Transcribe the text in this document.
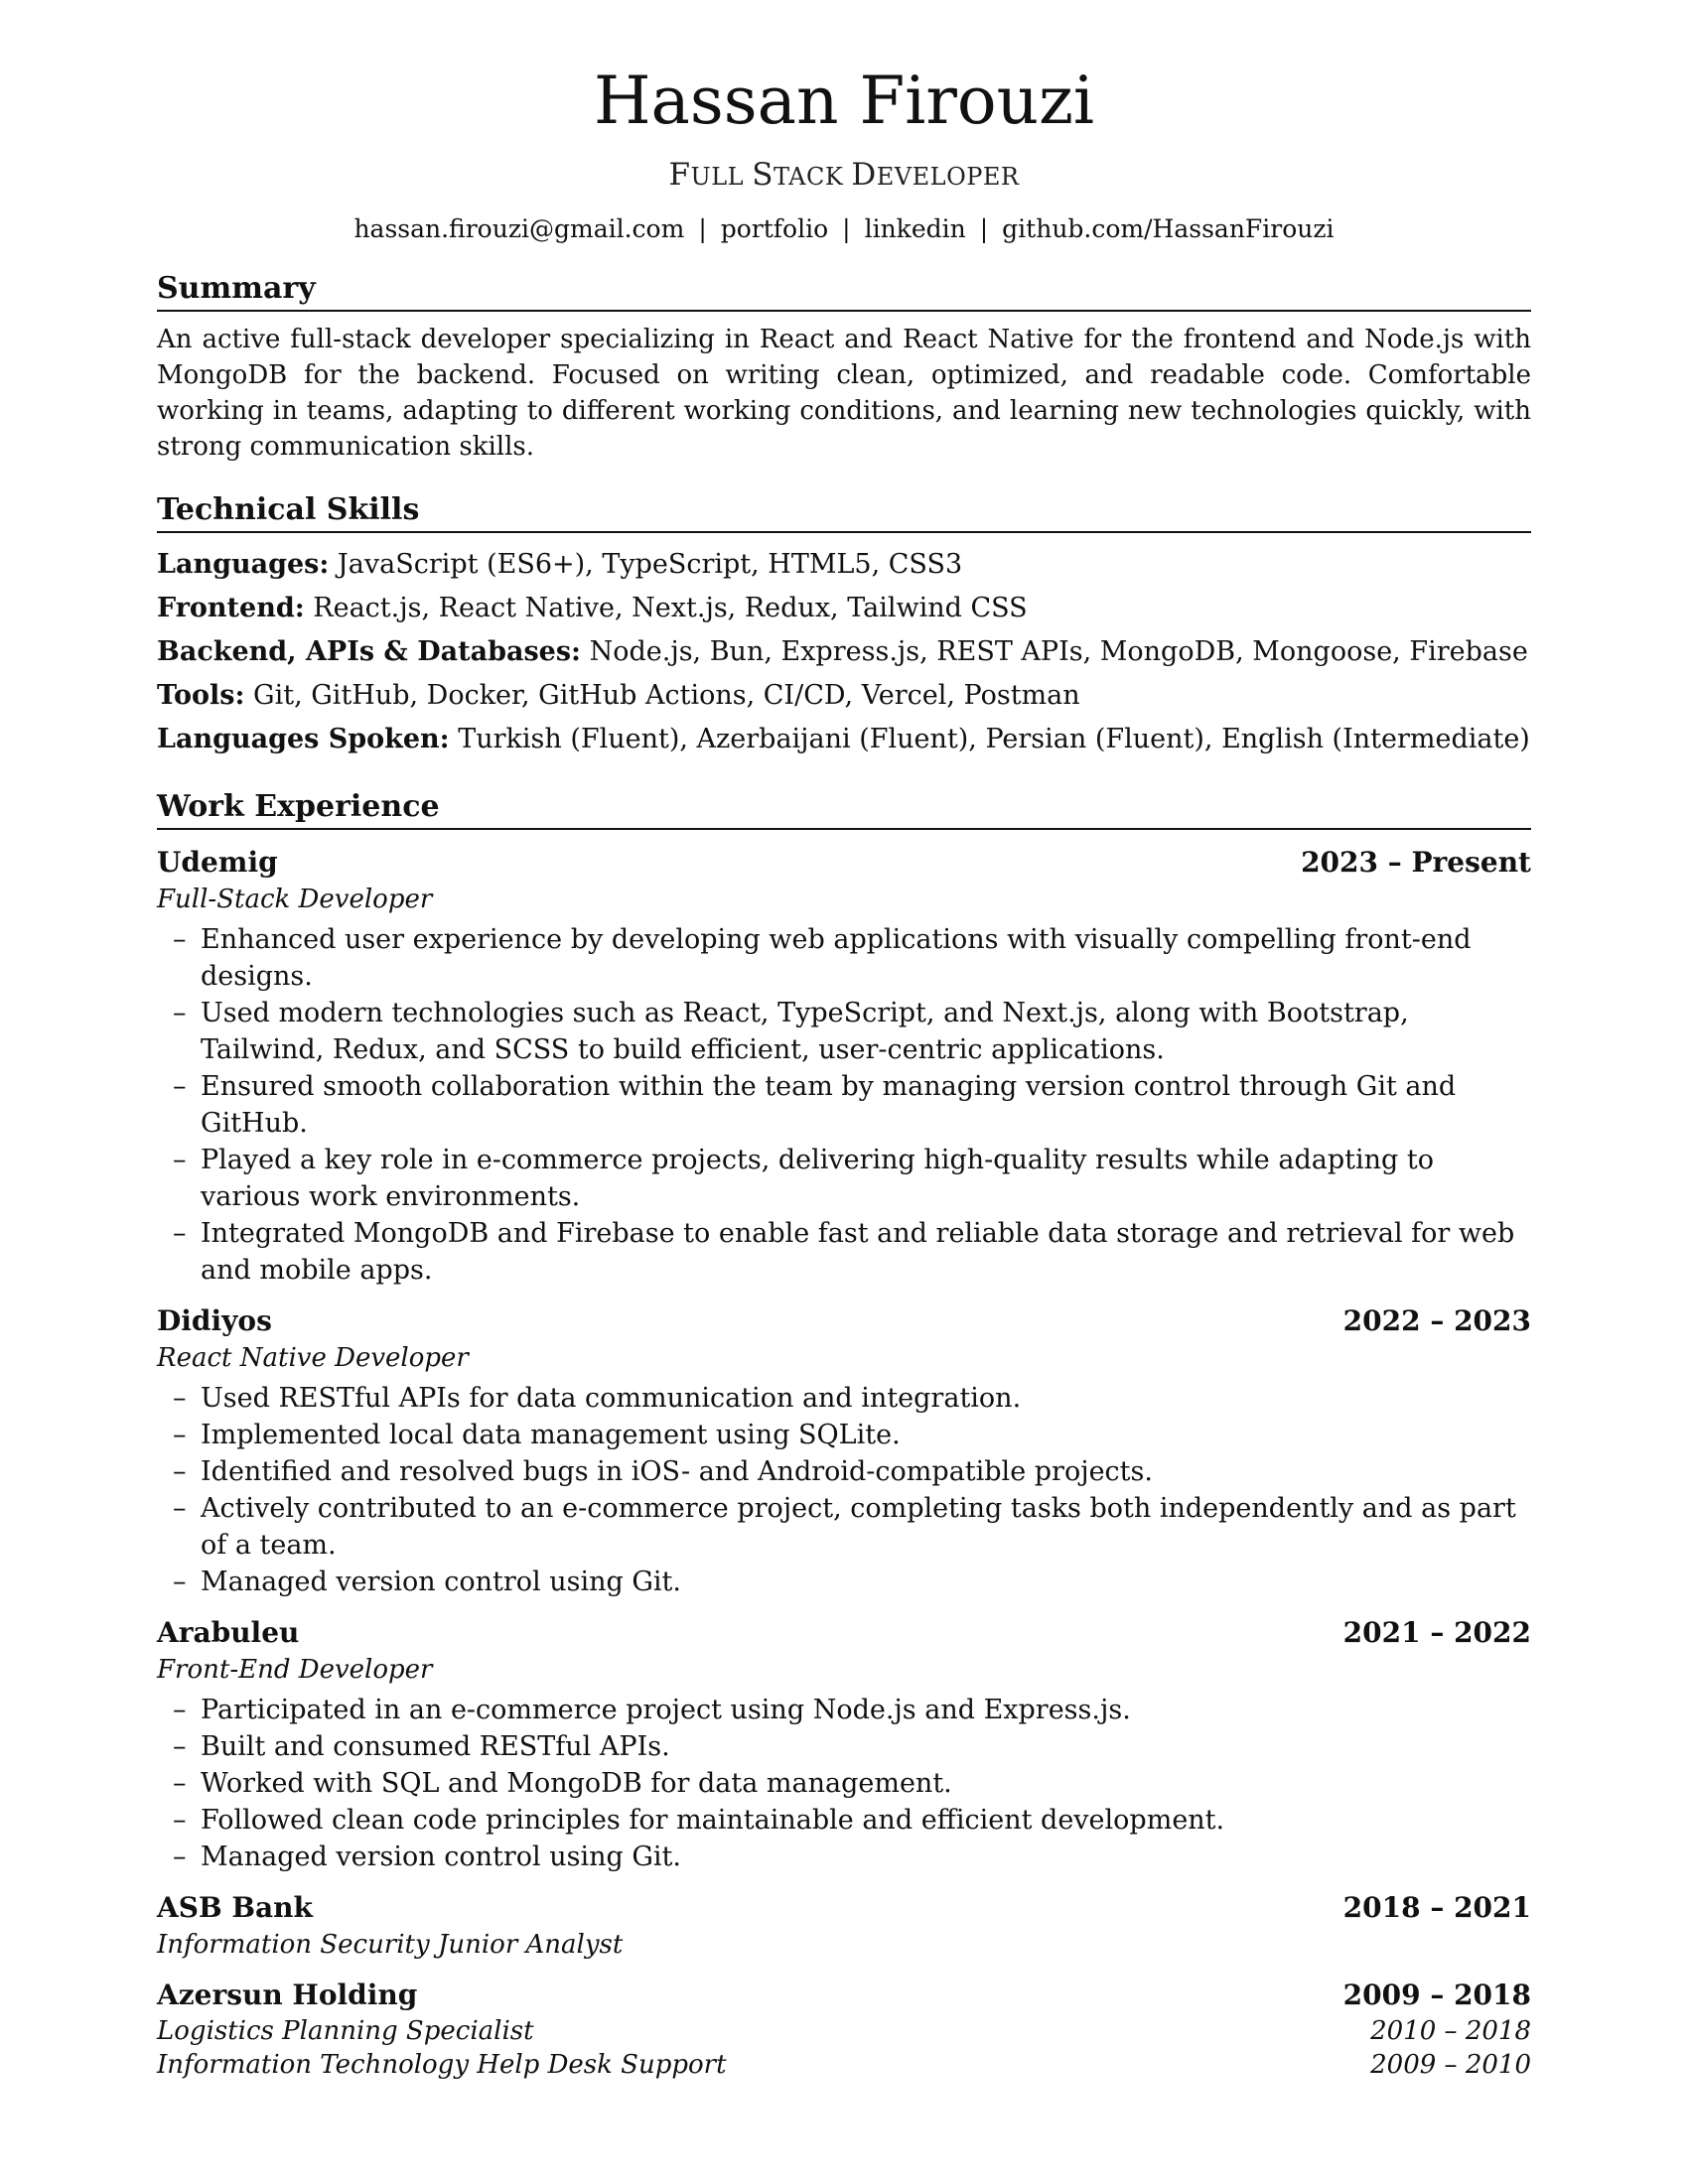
Hassan Firouzi
FULL STACK DEVELOPER
hassan.firouzi@gmail.com | portfolio | linkedin | github.com/HassanFirouzi
Summary
An active full-stack developer specializing in React and React Native for the frontend and Node.js with MongoDB for the backend. Focused on writing clean, optimized, and readable code. Comfortable working in teams, adapting to different working conditions, and learning new technologies quickly, with strong communication skills.
Technical Skills
Languages: JavaScript (ES6+), TypeScript, HTML5, CSS3
Frontend: React.js, React Native, Next.js, Redux, Tailwind CSS
Backend, APIs & Databases: Node.js, Bun, Express.js, REST APIs, MongoDB, Mongoose, Firebase
Tools: Git, GitHub, Docker, GitHub Actions, CI/CD, Vercel, Postman
Languages Spoken: Turkish (Fluent), Azerbaijani (Fluent), Persian (Fluent), English (Intermediate)
Work Experience
Udemig	2023 – Present
Full-Stack Developer
– Enhanced user experience by developing web applications with visually compelling front-end designs.
– Used modern technologies such as React, TypeScript, and Next.js, along with Bootstrap, Tailwind, Redux, and SCSS to build efficient, user-centric applications.
– Ensured smooth collaboration within the team by managing version control through Git and GitHub.
– Played a key role in e-commerce projects, delivering high-quality results while adapting to various work environments.
– Integrated MongoDB and Firebase to enable fast and reliable data storage and retrieval for web and mobile apps.
Didiyos	2022 – 2023
React Native Developer
– Used RESTful APIs for data communication and integration.
– Implemented local data management using SQLite.
– Identified and resolved bugs in iOS- and Android-compatible projects.
– Actively contributed to an e-commerce project, completing tasks both independently and as part of a team.
– Managed version control using Git.
Arabuleu	2021 – 2022
Front-End Developer
– Participated in an e-commerce project using Node.js and Express.js.
– Built and consumed RESTful APIs.
– Worked with SQL and MongoDB for data management.
– Followed clean code principles for maintainable and efficient development.
– Managed version control using Git.
ASB Bank	2018 – 2021
Information Security Junior Analyst
Azersun Holding	2009 – 2018
Logistics Planning Specialist	2010 – 2018
Information Technology Help Desk Support	2009 – 2010
